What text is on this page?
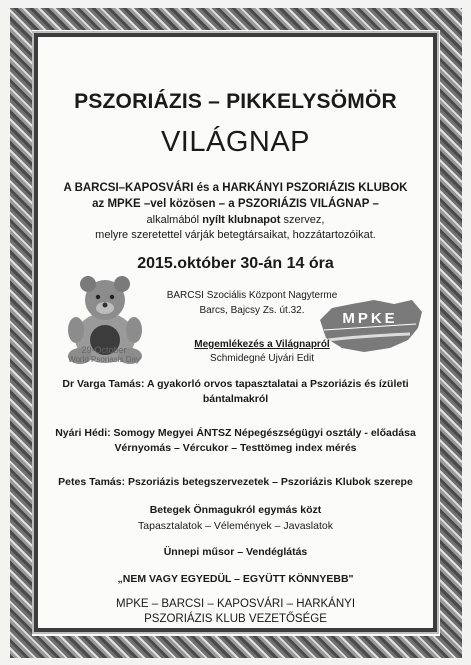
PSZORIÁZIS – PIKKELYSÖMÖR
VILÁGNAP
A BARCSI–KAPOSVÁRI és a HARKÁNYI PSZORIÁZIS KLUBOK az MPKE –vel közösen – a PSZORIÁZIS VILÁGNAP –
alkalmából nyílt klubnapot szervez,
melyre szeretettel várják betegtársaikat, hozzátartozóikat.
2015.október 30-án 14 óra
29-October
World Psoriasis Day
BARCSI Szociális Központ Nagyterme
Barcs, Bajcsy Zs. út.32.	MPKE
Megemlékezés a Világnapról
Schmidegné Ujvári Edit
Dr Varga Tamás: A gyakorló orvos tapasztalatai a Pszoriázis és ízületi
bántalmakról
Nyári Hédi: Somogy Megyei ÁNTSZ Népegészségügyi osztály - előadása
Vérnyomás – Vércukor – Testtömeg index mérés
Petes Tamás: Pszoriázis betegszervezetek – Pszoriázis Klubok szerepe
Betegek Önmagukról egymás közt
Tapasztalatok – Vélemények – Javaslatok
Ünnepi műsor – Vendéglátás
„NEM VAGY EGYEDÜL – EGYÜTT KÖNNYEBB"
MPKE – BARCSI – KAPOSVÁRI – HARKÁNYI
PSZORIÁZIS KLUB VEZETŐSÉGE
